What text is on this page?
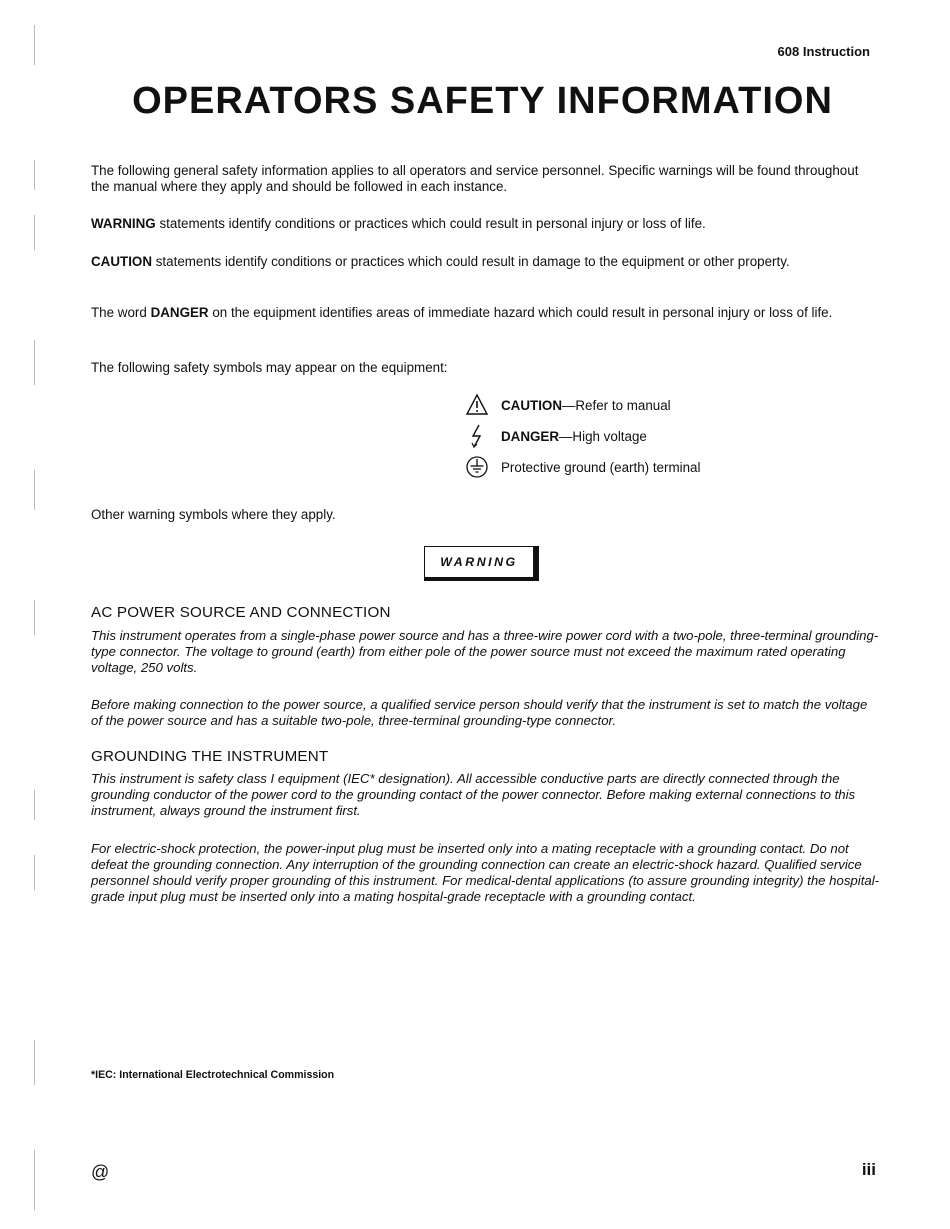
608 Instruction
OPERATORS SAFETY INFORMATION
The following general safety information applies to all operators and service personnel. Specific warnings will be found throughout the manual where they apply and should be followed in each instance.
WARNING statements identify conditions or practices which could result in personal injury or loss of life.
CAUTION statements identify conditions or practices which could result in damage to the equipment or other property.
The word DANGER on the equipment identifies areas of immediate hazard which could result in personal injury or loss of life.
The following safety symbols may appear on the equipment:
CAUTION —Refer to manual
DANGER —High voltage
Protective ground (earth) terminal
Other warning symbols where they apply.
WARNING
AC POWER SOURCE AND CONNECTION
This instrument operates from a single-phase power source and has a three-wire power cord with a two-pole, three-terminal grounding-type connector. The voltage to ground (earth) from either pole of the power source must not exceed the maximum rated operating voltage, 250 volts.
Before making connection to the power source, a qualified service person should verify that the instrument is set to match the voltage of the power source and has a suitable two-pole, three-terminal grounding-type connector.
GROUNDING THE INSTRUMENT
This instrument is safety class I equipment (IEC* designation). All accessible conductive parts are directly connected through the grounding conductor of the power cord to the grounding contact of the power connector. Before making external connections to this instrument, always ground the instrument first.
For electric-shock protection, the power-input plug must be inserted only into a mating receptacle with a grounding contact. Do not defeat the grounding connection. Any interruption of the grounding connection can create an electric-shock hazard. Qualified service personnel should verify proper grounding of this instrument. For medical-dental applications (to assure grounding integrity) the hospital-grade input plug must be inserted only into a mating hospital-grade receptacle with a grounding contact.
*IEC: International Electrotechnical Commission
@	iii
